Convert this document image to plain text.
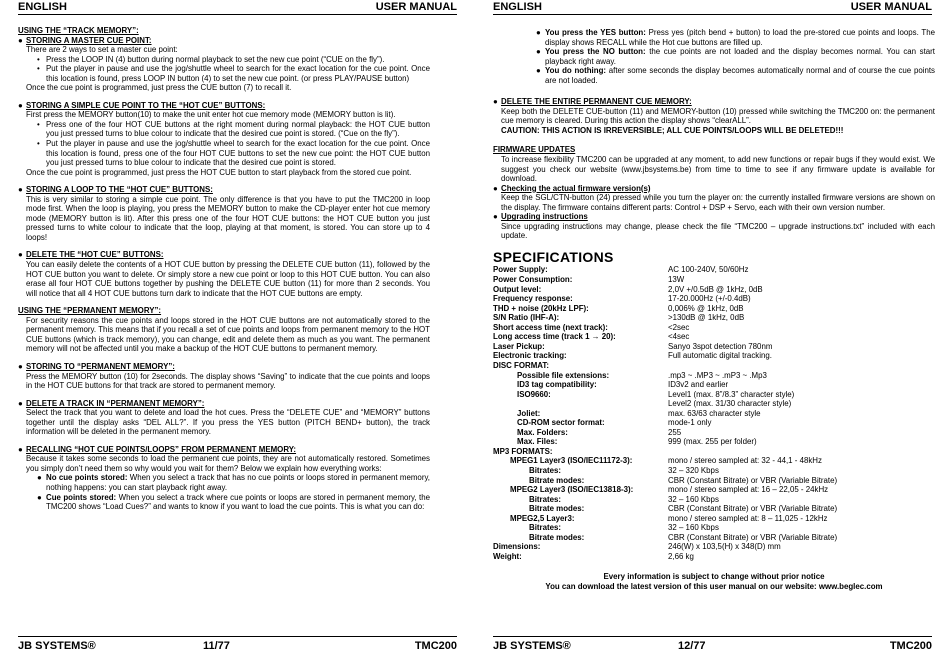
ENGLISH	USER MANUAL

USING THE “TRACK MEMORY”:

● STORING A MASTER CUE POINT:

There are 2 ways to set a master cue point:

• Press the LOOP IN (4) button during normal playback to set the new cue point (“CUE on the fly”).

• Put the player in pause and use the jog/shuttle wheel to search for the exact location for the cue point. Once this location is found, press LOOP IN button (4) to set the new cue point. (or press PLAY/PAUSE button)

Once the cue point is programmed, just press the CUE button (7) to recall it.

● STORING A SIMPLE CUE POINT TO THE “HOT CUE” BUTTONS:

First press the MEMORY button(10) to make the unit enter hot cue memory mode (MEMORY button is lit).

• Press one of the four HOT CUE buttons at the right moment during normal playback: the HOT CUE button you just pressed turns to blue colour to indicate that the desired cue point is stored. (“Cue on the fly”).

• Put the player in pause and use the jog/shuttle wheel to search for the exact location for the cue point. Once this location is found, press one of the four HOT CUE buttons to set the new cue point: the HOT CUE button you just pressed turns to blue colour to indicate that the desired cue point is stored.

Once the cue point is programmed, just press the HOT CUE button to start playback from the stored cue point.

● STORING A LOOP TO THE “HOT CUE” BUTTONS:

This is very similar to storing a simple cue point. The only difference is that you have to put the TMC200 in loop mode first. When the loop is playing, you press the MEMORY button to make the CD-player enter hot cue memory mode (MEMORY button is lit). After this press one of the four HOT CUE buttons: the HOT CUE button you just pressed turns to white colour to indicate that the loop, playing at that moment, is stored. You can store up to 4 loops!

● DELETE THE “HOT CUE” BUTTONS:

You can easily delete the contents of a HOT CUE button by pressing the DELETE CUE button (11), followed by the HOT CUE button you want to delete. Or simply store a new cue point or loop to this HOT CUE button. You can also erase all four HOT CUE buttons together by pushing the DELETE CUE button (11) for more than 2 seconds. You will notice that all 4 HOT CUE buttons turn dark to indicate that the HOT CUE buttons are empty.

USING THE “PERMANENT MEMORY”:

For security reasons the cue points and loops stored in the HOT CUE buttons are not automatically stored to the permanent memory. This means that if you recall a set of cue points and loops from permanent memory to the HOT CUE buttons (which is track memory), you can change, edit and delete them as much as you want. The permanent memory will not be affected until you make a backup of the HOT CUE buttons to permanent memory.

● STORING TO “PERMANENT MEMORY”:

Press the MEMORY button (10) for 2seconds. The display shows “Saving” to indicate that the cue points and loops in the HOT CUE buttons for that track are stored to permanent memory.

● DELETE A TRACK IN “PERMANENT MEMORY”:

Select the track that you want to delete and load the hot cues. Press the “DELETE CUE” and “MEMORY” buttons together until the display asks “DEL ALL?”. If you press the YES button (PITCH BEND+ button), the track information will be deleted in the permanent memory.

● RECALLING “HOT CUE POINTS/LOOPS” FROM PERMANENT MEMORY:

Because it takes some seconds to load the permanent cue points, they are not automatically restored. Sometimes you simply don’t need them so why would you wait for them? Below we explain how everything works:

● No cue points stored: When you select a track that has no cue points or loops stored in permanent memory, nothing happens: you can start playback right away.

● Cue points stored: When you select a track where cue points or loops are stored in permanent memory, the TMC200 shows “Load Cues?” and wants to know if you want to load the cue points. This is what you can do:

JB SYSTEMS®	11/77	TMC200
ENGLISH	USER MANUAL
● You press the YES button: Press yes (pitch bend + button) to load the pre-stored cue points and loops. The display shows RECALL while the Hot cue buttons are filled up.

● You press the NO button: the cue points are not loaded and the display becomes normal. You can start playback right away.

● You do nothing: after some seconds the display becomes automatically normal and of course the cue points are not loaded.

● DELETE THE ENTIRE PERMANENT CUE MEMORY:

Keep both the DELETE CUE-button (11) and MEMORY-button (10) pressed while switching the TMC200 on: the permanent cue memory is cleared. During this action the display shows “clearALL”.

CAUTION: THIS ACTION IS IRREVERSIBLE; ALL CUE POINTS/LOOPS WILL BE DELETED!!!

FIRMWARE UPDATES

To increase flexibility TMC200 can be upgraded at any moment, to add new functions or repair bugs if they would exist. We suggest you check our website (www.jbsystems.be) from time to time to see if any firmware update is available for download.

● Checking the actual firmware version(s)

Keep the SGL/CTN-button (24) pressed while you turn the player on: the currently installed firmware versions are shown on the display. The firmware contains different parts: Control + DSP + Servo, each with their own version number.

● Upgrading instructions

Since upgrading instructions may change, please check the file “TMC200 – upgrade instructions.txt” included with each update.

SPECIFICATIONS
Power Supply:	AC 100-240V, 50/60Hz
Power Consumption:	13W
Output level:	2,0V +/0.5dB @ 1kHz, 0dB
Frequency response:	17-20.000Hz (+/-0.4dB)
THD + noise (20kHz LPF):	0,006% @ 1kHz, 0dB
S/N Ratio (IHF-A):	>130dB @ 1kHz, 0dB
Short access time (next track):	<2sec
Long access time (track 1 → 20):	<4sec
Laser Pickup:	Sanyo 3spot detection 780nm
Electronic tracking:	Full automatic digital tracking.
DISC FORMAT:	
Possible file extensions:	.mp3 ~ .MP3 ~ .mP3 ~ .Mp3
ID3 tag compatibility:	ID3v2 and earlier
ISO9660:	Level1 (max. 8”/8.3” character style)
	Level2 (max. 31/30 character style)
Joliet:	max. 63/63 character style
CD-ROM sector format:	mode-1 only
Max. Folders:	255
Max. Files:	999 (max. 255 per folder)
MP3 FORMATS:	
MPEG1 Layer3 (ISO/IEC11172-3):	mono / stereo sampled at: 32 - 44,1 - 48kHz
Bitrates:	32 – 320 Kbps
Bitrate modes:	CBR (Constant Bitrate) or VBR (Variable Bitrate)
MPEG2 Layer3 (ISO/IEC13818-3):	mono / stereo sampled at: 16 – 22,05 - 24kHz
Bitrates:	32 – 160 Kbps
Bitrate modes:	CBR (Constant Bitrate) or VBR (Variable Bitrate)
MPEG2,5 Layer3:	mono / stereo sampled at: 8 – 11,025 - 12kHz
Bitrates:	32 – 160 Kbps
Bitrate modes:	CBR (Constant Bitrate) or VBR (Variable Bitrate)
Dimensions:	246(W) x 103,5(H) x 348(D) mm
Weight:	2,66 kg

Every information is subject to change without prior notice

You can download the latest version of this user manual on our website: www.beglec.com

JB SYSTEMS®	12/77	TMC200
